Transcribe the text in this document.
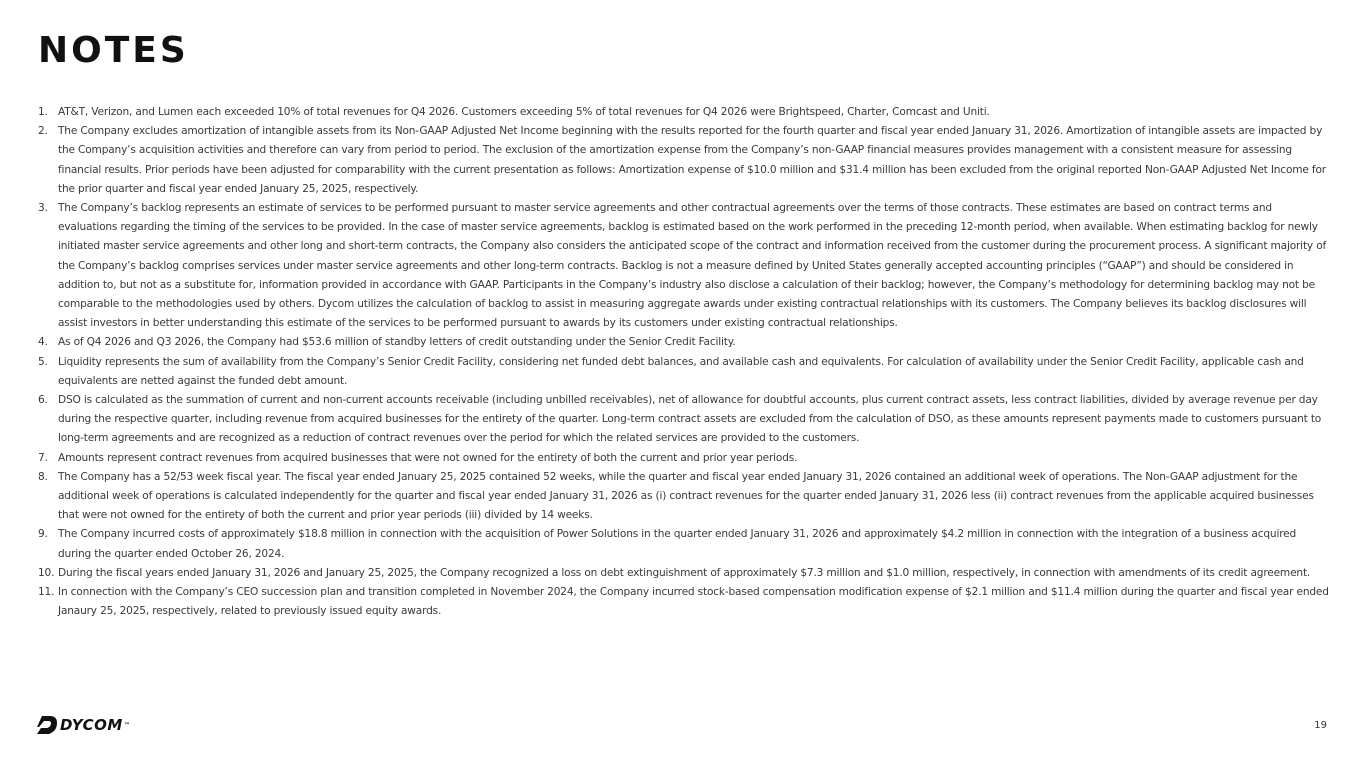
NOTES
1. AT&T, Verizon, and Lumen each exceeded 10% of total revenues for Q4 2026. Customers exceeding 5% of total revenues for Q4 2026 were Brightspeed, Charter, Comcast and Uniti.
2. The Company excludes amortization of intangible assets from its Non-GAAP Adjusted Net Income beginning with the results reported for the fourth quarter and fiscal year ended January 31, 2026. Amortization of intangible assets are impacted by the Company’s acquisition activities and therefore can vary from period to period. The exclusion of the amortization expense from the Company’s non-GAAP financial measures provides management with a consistent measure for assessing financial results. Prior periods have been adjusted for comparability with the current presentation as follows: Amortization expense of $10.0 million and $31.4 million has been excluded from the original reported Non-GAAP Adjusted Net Income for the prior quarter and fiscal year ended January 25, 2025, respectively.
3. The Company’s backlog represents an estimate of services to be performed pursuant to master service agreements and other contractual agreements over the terms of those contracts. These estimates are based on contract terms and evaluations regarding the timing of the services to be provided. In the case of master service agreements, backlog is estimated based on the work performed in the preceding 12-month period, when available. When estimating backlog for newly initiated master service agreements and other long and short-term contracts, the Company also considers the anticipated scope of the contract and information received from the customer during the procurement process. A significant majority of the Company’s backlog comprises services under master service agreements and other long-term contracts. Backlog is not a measure defined by United States generally accepted accounting principles (“GAAP”) and should be considered in addition to, but not as a substitute for, information provided in accordance with GAAP. Participants in the Company’s industry also disclose a calculation of their backlog; however, the Company’s methodology for determining backlog may not be comparable to the methodologies used by others. Dycom utilizes the calculation of backlog to assist in measuring aggregate awards under existing contractual relationships with its customers. The Company believes its backlog disclosures will assist investors in better understanding this estimate of the services to be performed pursuant to awards by its customers under existing contractual relationships.
4. As of Q4 2026 and Q3 2026, the Company had $53.6 million of standby letters of credit outstanding under the Senior Credit Facility.
5. Liquidity represents the sum of availability from the Company’s Senior Credit Facility, considering net funded debt balances, and available cash and equivalents. For calculation of availability under the Senior Credit Facility, applicable cash and equivalents are netted against the funded debt amount.
6. DSO is calculated as the summation of current and non-current accounts receivable (including unbilled receivables), net of allowance for doubtful accounts, plus current contract assets, less contract liabilities, divided by average revenue per day during the respective quarter, including revenue from acquired businesses for the entirety of the quarter. Long-term contract assets are excluded from the calculation of DSO, as these amounts represent payments made to customers pursuant to long-term agreements and are recognized as a reduction of contract revenues over the period for which the related services are provided to the customers.
7. Amounts represent contract revenues from acquired businesses that were not owned for the entirety of both the current and prior year periods.
8. The Company has a 52/53 week fiscal year. The fiscal year ended January 25, 2025 contained 52 weeks, while the quarter and fiscal year ended January 31, 2026 contained an additional week of operations. The Non-GAAP adjustment for the additional week of operations is calculated independently for the quarter and fiscal year ended January 31, 2026 as (i) contract revenues for the quarter ended January 31, 2026 less (ii) contract revenues from the applicable acquired businesses that were not owned for the entirety of both the current and prior year periods (iii) divided by 14 weeks.
9. The Company incurred costs of approximately $18.8 million in connection with the acquisition of Power Solutions in the quarter ended January 31, 2026 and approximately $4.2 million in connection with the integration of a business acquired during the quarter ended October 26, 2024.
10. During the fiscal years ended January 31, 2026 and January 25, 2025, the Company recognized a loss on debt extinguishment of approximately $7.3 million and $1.0 million, respectively, in connection with amendments of its credit agreement.
11. In connection with the Company’s CEO succession plan and transition completed in November 2024, the Company incurred stock-based compensation modification expense of $2.1 million and $11.4 million during the quarter and fiscal year ended Janaury 25, 2025, respectively, related to previously issued equity awards.
DYCOM ™	19
